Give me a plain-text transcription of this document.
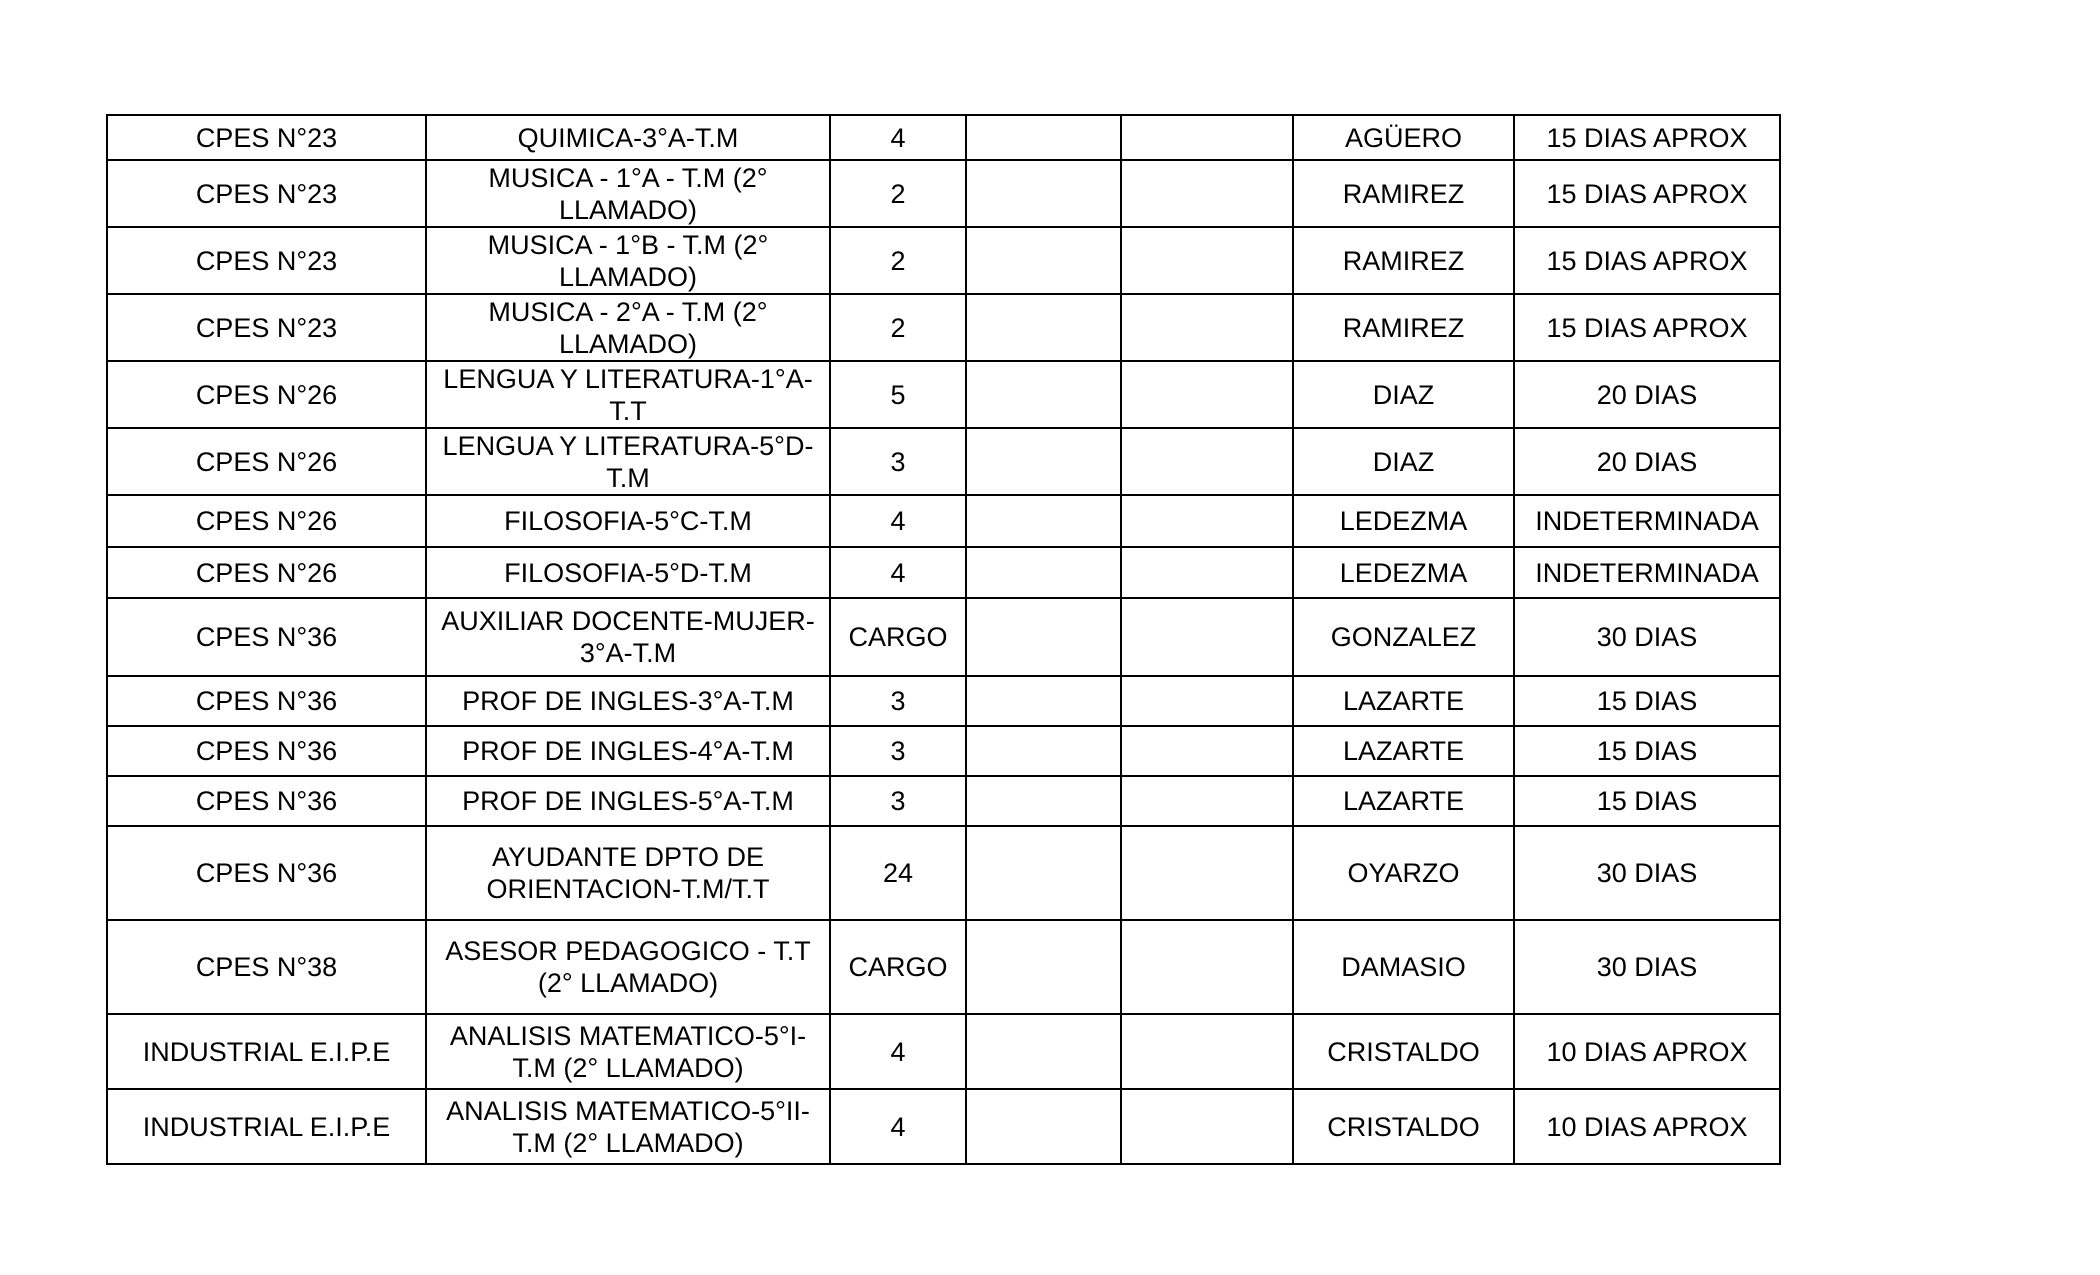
CPES N°23	QUIMICA-3°A-T.M	4			AGÜERO	15 DIAS APROX
CPES N°23	MUSICA - 1°A - T.M (2° LLAMADO)	2			RAMIREZ	15 DIAS APROX
CPES N°23	MUSICA - 1°B - T.M (2° LLAMADO)	2			RAMIREZ	15 DIAS APROX
CPES N°23	MUSICA - 2°A - T.M (2° LLAMADO)	2			RAMIREZ	15 DIAS APROX
CPES N°26	LENGUA Y LITERATURA-1°A-T.T	5			DIAZ	20 DIAS
CPES N°26	LENGUA Y LITERATURA-5°D-T.M	3			DIAZ	20 DIAS
CPES N°26	FILOSOFIA-5°C-T.M	4			LEDEZMA	INDETERMINADA
CPES N°26	FILOSOFIA-5°D-T.M	4			LEDEZMA	INDETERMINADA
CPES N°36	AUXILIAR DOCENTE-MUJER-3°A-T.M	CARGO			GONZALEZ	30 DIAS
CPES N°36	PROF DE INGLES-3°A-T.M	3			LAZARTE	15 DIAS
CPES N°36	PROF DE INGLES-4°A-T.M	3			LAZARTE	15 DIAS
CPES N°36	PROF DE INGLES-5°A-T.M	3			LAZARTE	15 DIAS
CPES N°36	AYUDANTE DPTO DE ORIENTACION-T.M/T.T	24			OYARZO	30 DIAS
CPES N°38	ASESOR PEDAGOGICO - T.T (2° LLAMADO)	CARGO			DAMASIO	30 DIAS
INDUSTRIAL E.I.P.E	ANALISIS MATEMATICO-5°I-T.M (2° LLAMADO)	4			CRISTALDO	10 DIAS APROX
INDUSTRIAL E.I.P.E	ANALISIS MATEMATICO-5°II-T.M (2° LLAMADO)	4			CRISTALDO	10 DIAS APROX
